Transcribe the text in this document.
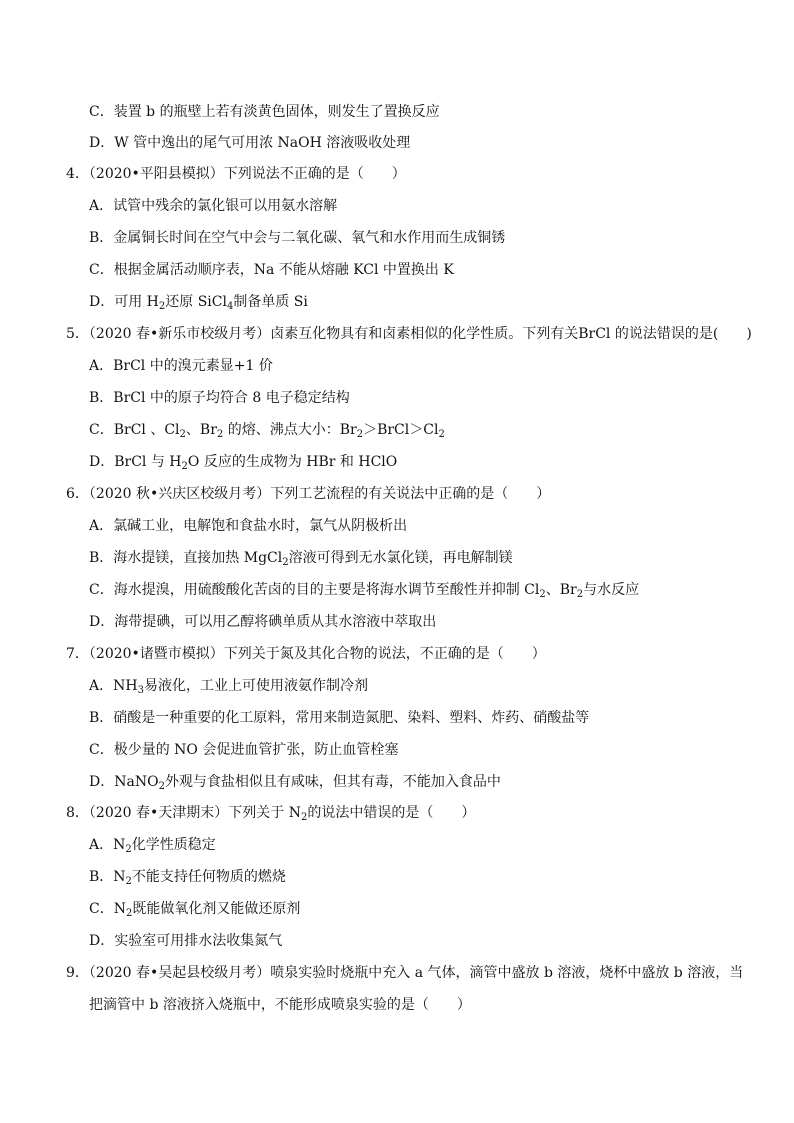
C．装置 b 的瓶壁上若有淡黄色固体，则发生了置换反应
D．W 管中逸出的尾气可用浓 NaOH 溶液吸收处理
4．（2020•平阳县模拟）下列说法不正确的是（　　）
A．试管中残余的氯化银可以用氨水溶解
B．金属铜长时间在空气中会与二氧化碳、氧气和水作用而生成铜锈
C．根据金属活动顺序表，Na 不能从熔融 KCl 中置换出 K
D．可用 $H_2$还原 SiCl$_4$制备单质 Si
5．（2020 春•新乐市校级月考）卤素互化物具有和卤素相似的化学性质。下列有关BrCl 的说法错误的是(　　)
A．BrCl 中的溴元素显+1 价
B．BrCl 中的原子均符合 8 电子稳定结构
C．BrCl 、$Cl_2$、$Br_2$ 的熔、沸点大小：$Br_2>BrCl>Cl_2$
D．BrCl 与 $H_2O$ 反应的生成物为 HBr 和 HClO
6．（2020 秋•兴庆区校级月考）下列工艺流程的有关说法中正确的是（　　）
A．氯碱工业，电解饱和食盐水时，氯气从阴极析出
B．海水提镁，直接加热 MgCl$_2$溶液可得到无水氯化镁，再电解制镁
C．海水提溴，用硫酸酸化苦卤的目的主要是将海水调节至酸性并抑制 $Cl_2$、$Br_2$与水反应
D．海带提碘，可以用乙醇将碘单质从其水溶液中萃取出
7．（2020•诸暨市模拟）下列关于氮及其化合物的说法，不正确的是（　　）
A．$NH_3$易液化，工业上可使用液氨作制冷剂
B．硝酸是一种重要的化工原料，常用来制造氮肥、染料、塑料、炸药、硝酸盐等
C．极少量的 NO 会促进血管扩张，防止血管栓塞
D．NaNO$_2$外观与食盐相似且有咸味，但其有毒，不能加入食品中
8．（2020 春•天津期末）下列关于 $N_2$的说法中错误的是（　　）
A．$N_2$化学性质稳定
B．$N_2$不能支持任何物质的燃烧
C．$N_2$既能做氧化剂又能做还原剂
D．实验室可用排水法收集氮气
9．（2020 春•吴起县校级月考）喷泉实验时烧瓶中充入 a 气体，滴管中盛放 b 溶液，烧杯中盛放 b 溶液，当
把滴管中 b 溶液挤入烧瓶中，不能形成喷泉实验的是（　　）
